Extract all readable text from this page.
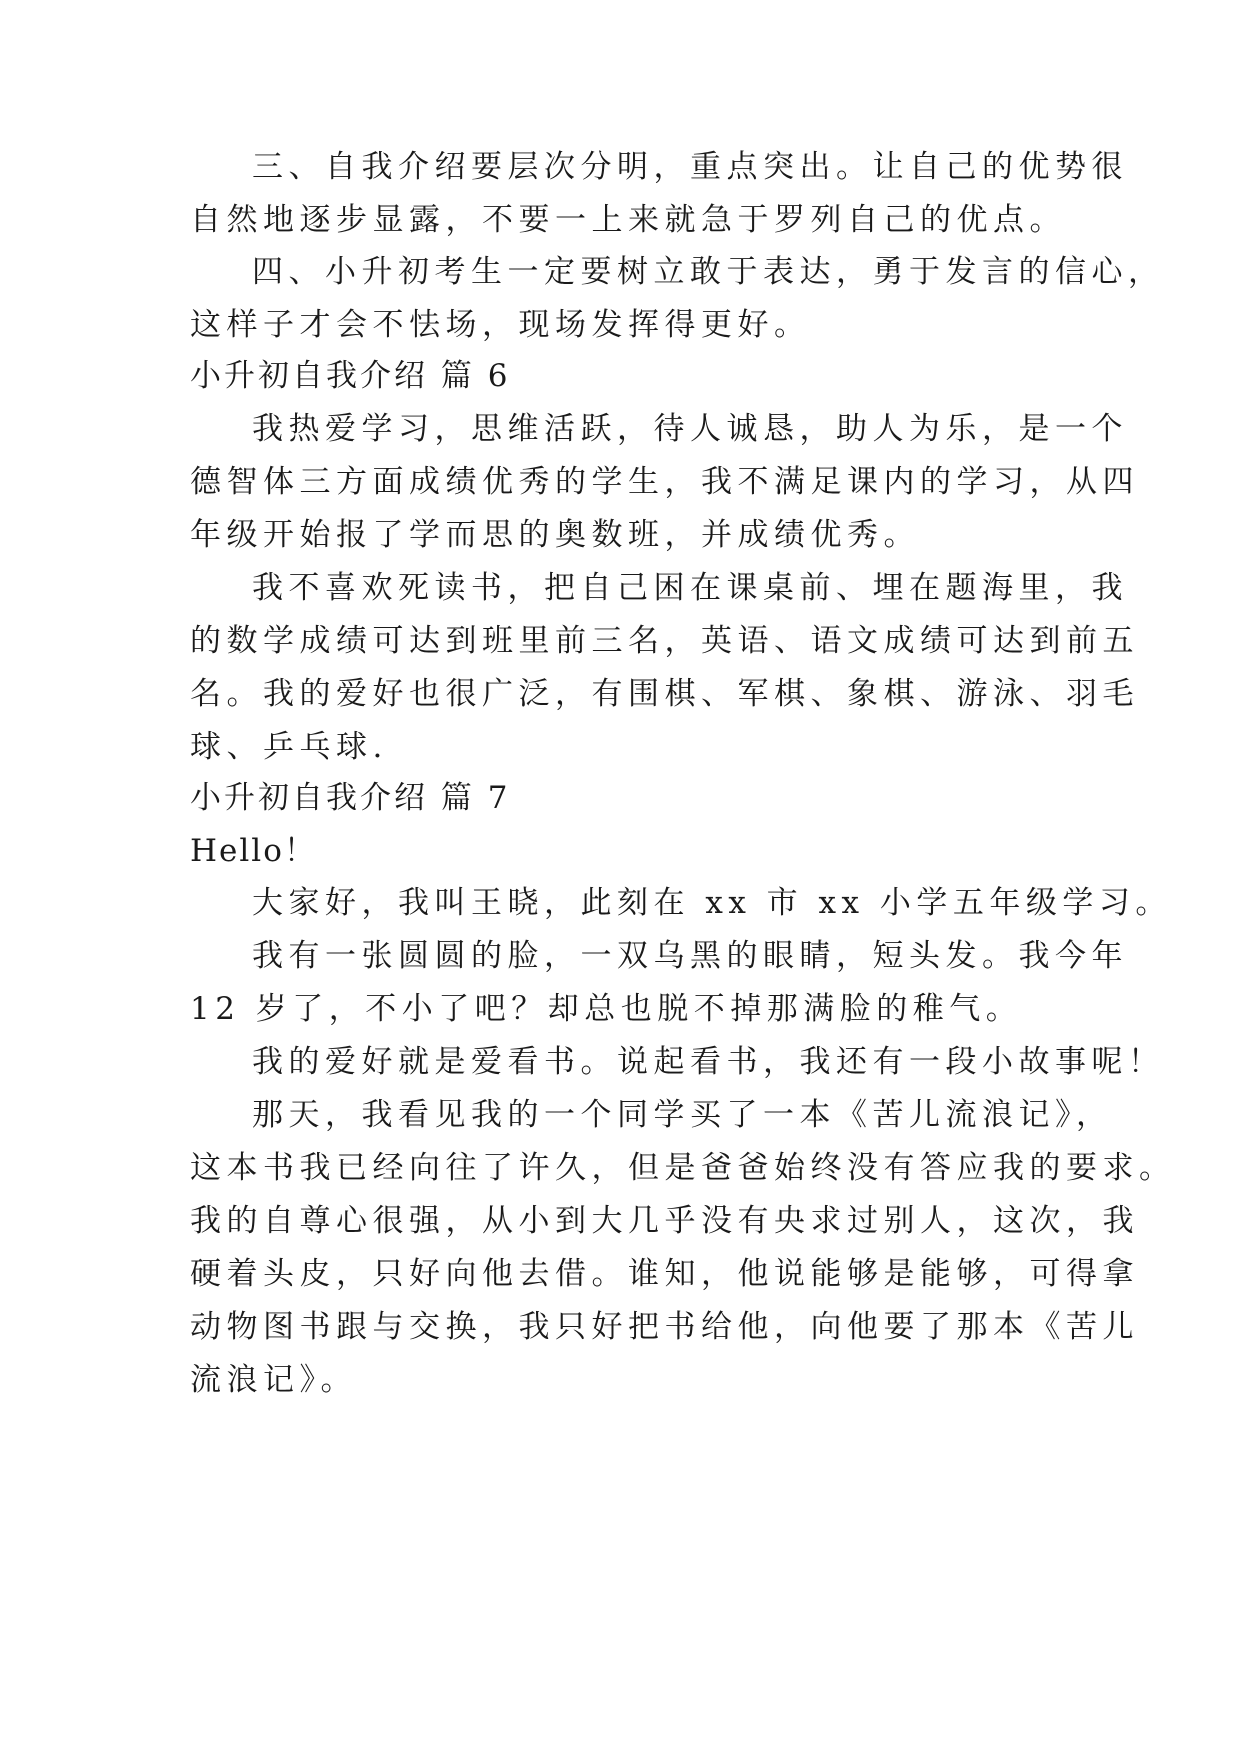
三、自我介绍要层次分明，重点突出。让自己的优势很
自然地逐步显露，不要一上来就急于罗列自己的优点。
四、小升初考生一定要树立敢于表达，勇于发言的信心，
这样子才会不怯场，现场发挥得更好。
小升初自我介绍 篇 6
我热爱学习，思维活跃，待人诚恳，助人为乐，是一个
德智体三方面成绩优秀的学生，我不满足课内的学习，从四
年级开始报了学而思的奥数班，并成绩优秀。
我不喜欢死读书，把自己困在课桌前、埋在题海里，我
的数学成绩可达到班里前三名，英语、语文成绩可达到前五
名。我的爱好也很广泛，有围棋、军棋、象棋、游泳、羽毛
球、乒乓球.
小升初自我介绍 篇 7
Hello！
大家好，我叫王晓，此刻在 xx 市 xx 小学五年级学习。
我有一张圆圆的脸，一双乌黑的眼睛，短头发。我今年
12 岁了，不小了吧？却总也脱不掉那满脸的稚气。
我的爱好就是爱看书。说起看书，我还有一段小故事呢！
那天，我看见我的一个同学买了一本《苦儿流浪记》，
这本书我已经向往了许久，但是爸爸始终没有答应我的要求。
我的自尊心很强，从小到大几乎没有央求过别人，这次，我
硬着头皮，只好向他去借。谁知，他说能够是能够，可得拿
动物图书跟与交换，我只好把书给他，向他要了那本《苦儿
流浪记》。
